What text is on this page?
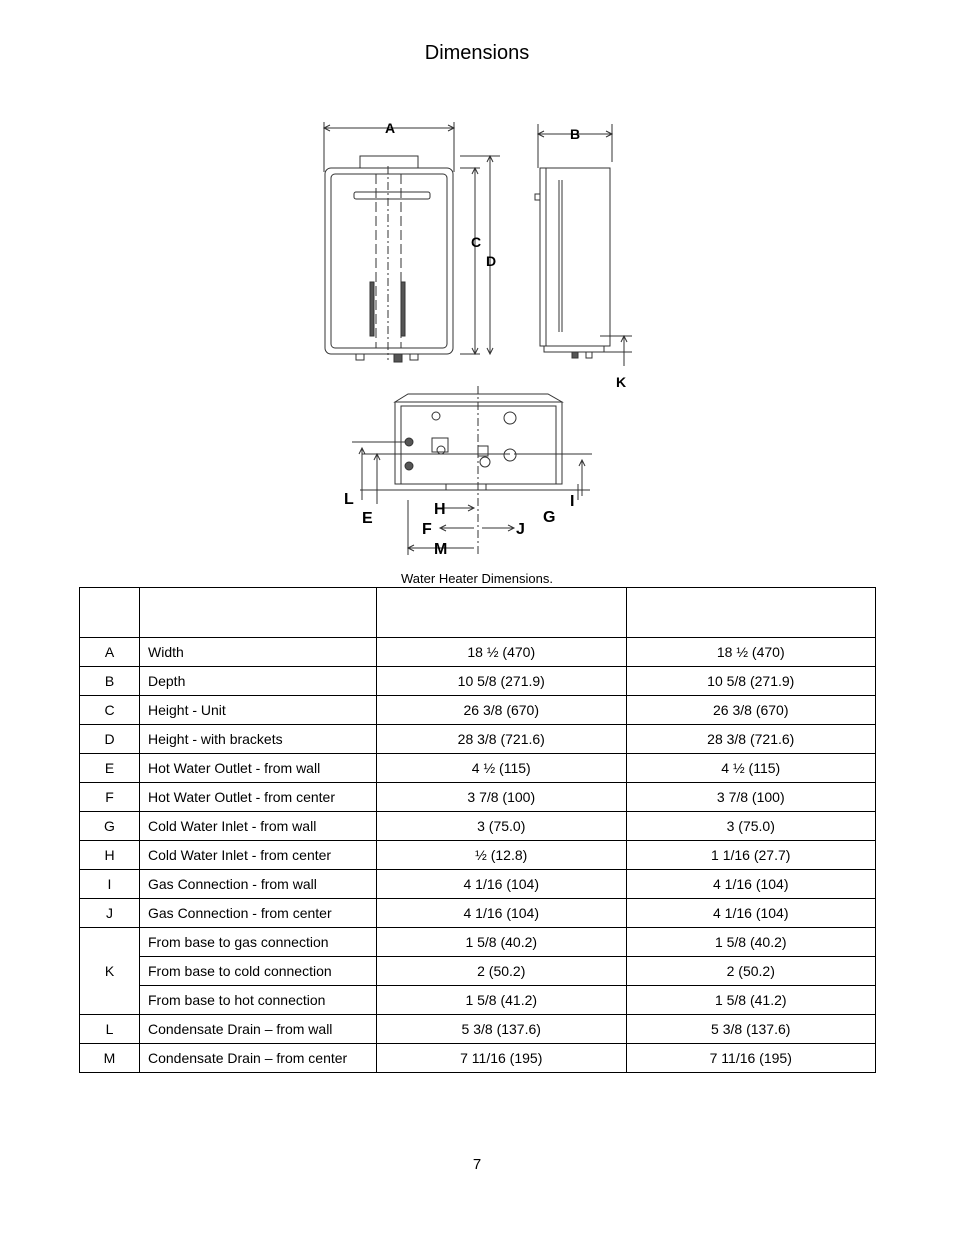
Dimensions
A	B
C
D
K
L
E
H
F
M
J
G
I
Water Heater Dimensions.

A	Width	18 ½ (470)	18 ½ (470)
B	Depth	10 5/8 (271.9)	10 5/8 (271.9)
C	Height - Unit	26 3/8 (670)	26 3/8 (670)
D	Height - with brackets	28 3/8 (721.6)	28 3/8 (721.6)
E	Hot Water Outlet - from wall	4 ½ (115)	4 ½ (115)
F	Hot Water Outlet - from center	3 7/8 (100)	3 7/8 (100)
G	Cold Water Inlet - from wall	3 (75.0)	3 (75.0)
H	Cold Water Inlet - from center	½ (12.8)	1 1/16 (27.7)
I	Gas Connection - from wall	4 1/16 (104)	4 1/16 (104)
J	Gas Connection - from center	4 1/16 (104)	4 1/16 (104)
K	From base to gas connection	1 5/8 (40.2)	1 5/8 (40.2)
	From base to cold connection	2 (50.2)	2 (50.2)
	From base to hot connection	1 5/8 (41.2)	1 5/8 (41.2)
L	Condensate Drain – from wall	5 3/8 (137.6)	5 3/8 (137.6)
M	Condensate Drain – from center	7 11/16 (195)	7 11/16 (195)
7
